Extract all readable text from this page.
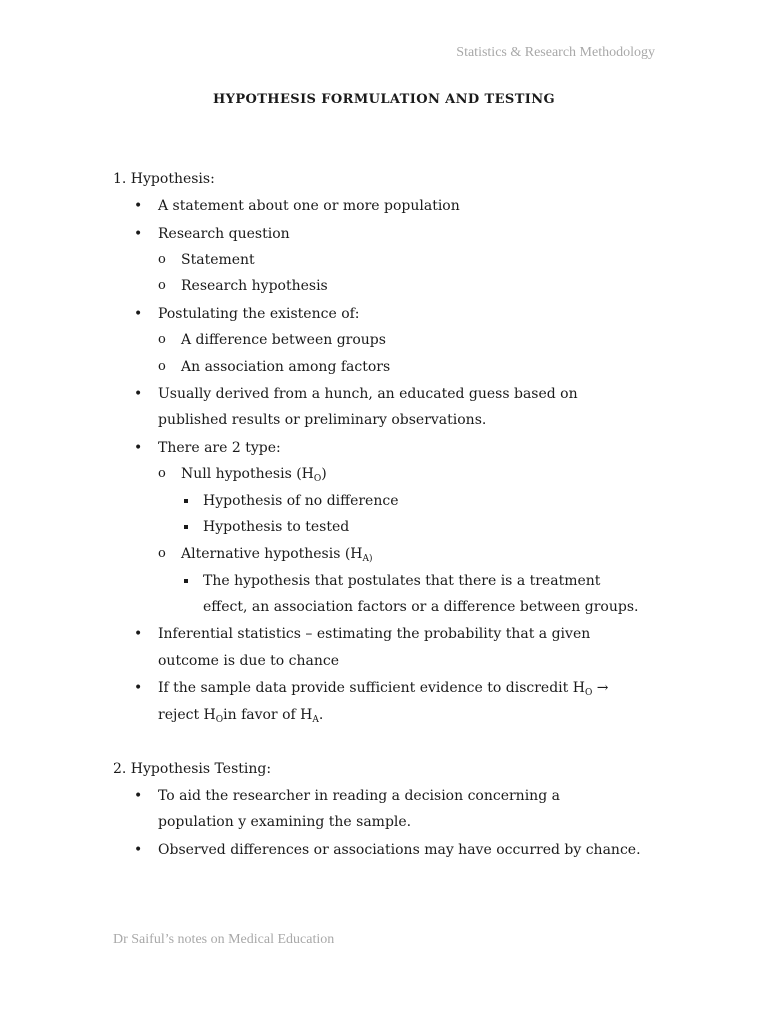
Statistics & Research Methodology
HYPOTHESIS FORMULATION AND TESTING
1. Hypothesis:
• A statement about one or more population
• Research question
o Statement
o Research hypothesis
• Postulating the existence of:
o A difference between groups
o An association among factors
• Usually derived from a hunch, an educated guess based on
published results or preliminary observations.
• There are 2 type:
o Null hypothesis $(H_O)$
Hypothesis of no difference
Hypothesis to tested
o Alternative hypothesis ($H_{A)}$
The hypothesis that postulates that there is a treatment
effect, an association factors or a difference between groups.
• Inferential statistics – estimating the probability that a given
outcome is due to chance
• If the sample data provide sufficient evidence to discredit $H_O$ →
reject $H_Oin$ favor of $H_A$.
2. Hypothesis Testing:
• To aid the researcher in reading a decision concerning a
population y examining the sample.
• Observed differences or associations may have occurred by chance.
Dr Saiful’s notes on Medical Education
